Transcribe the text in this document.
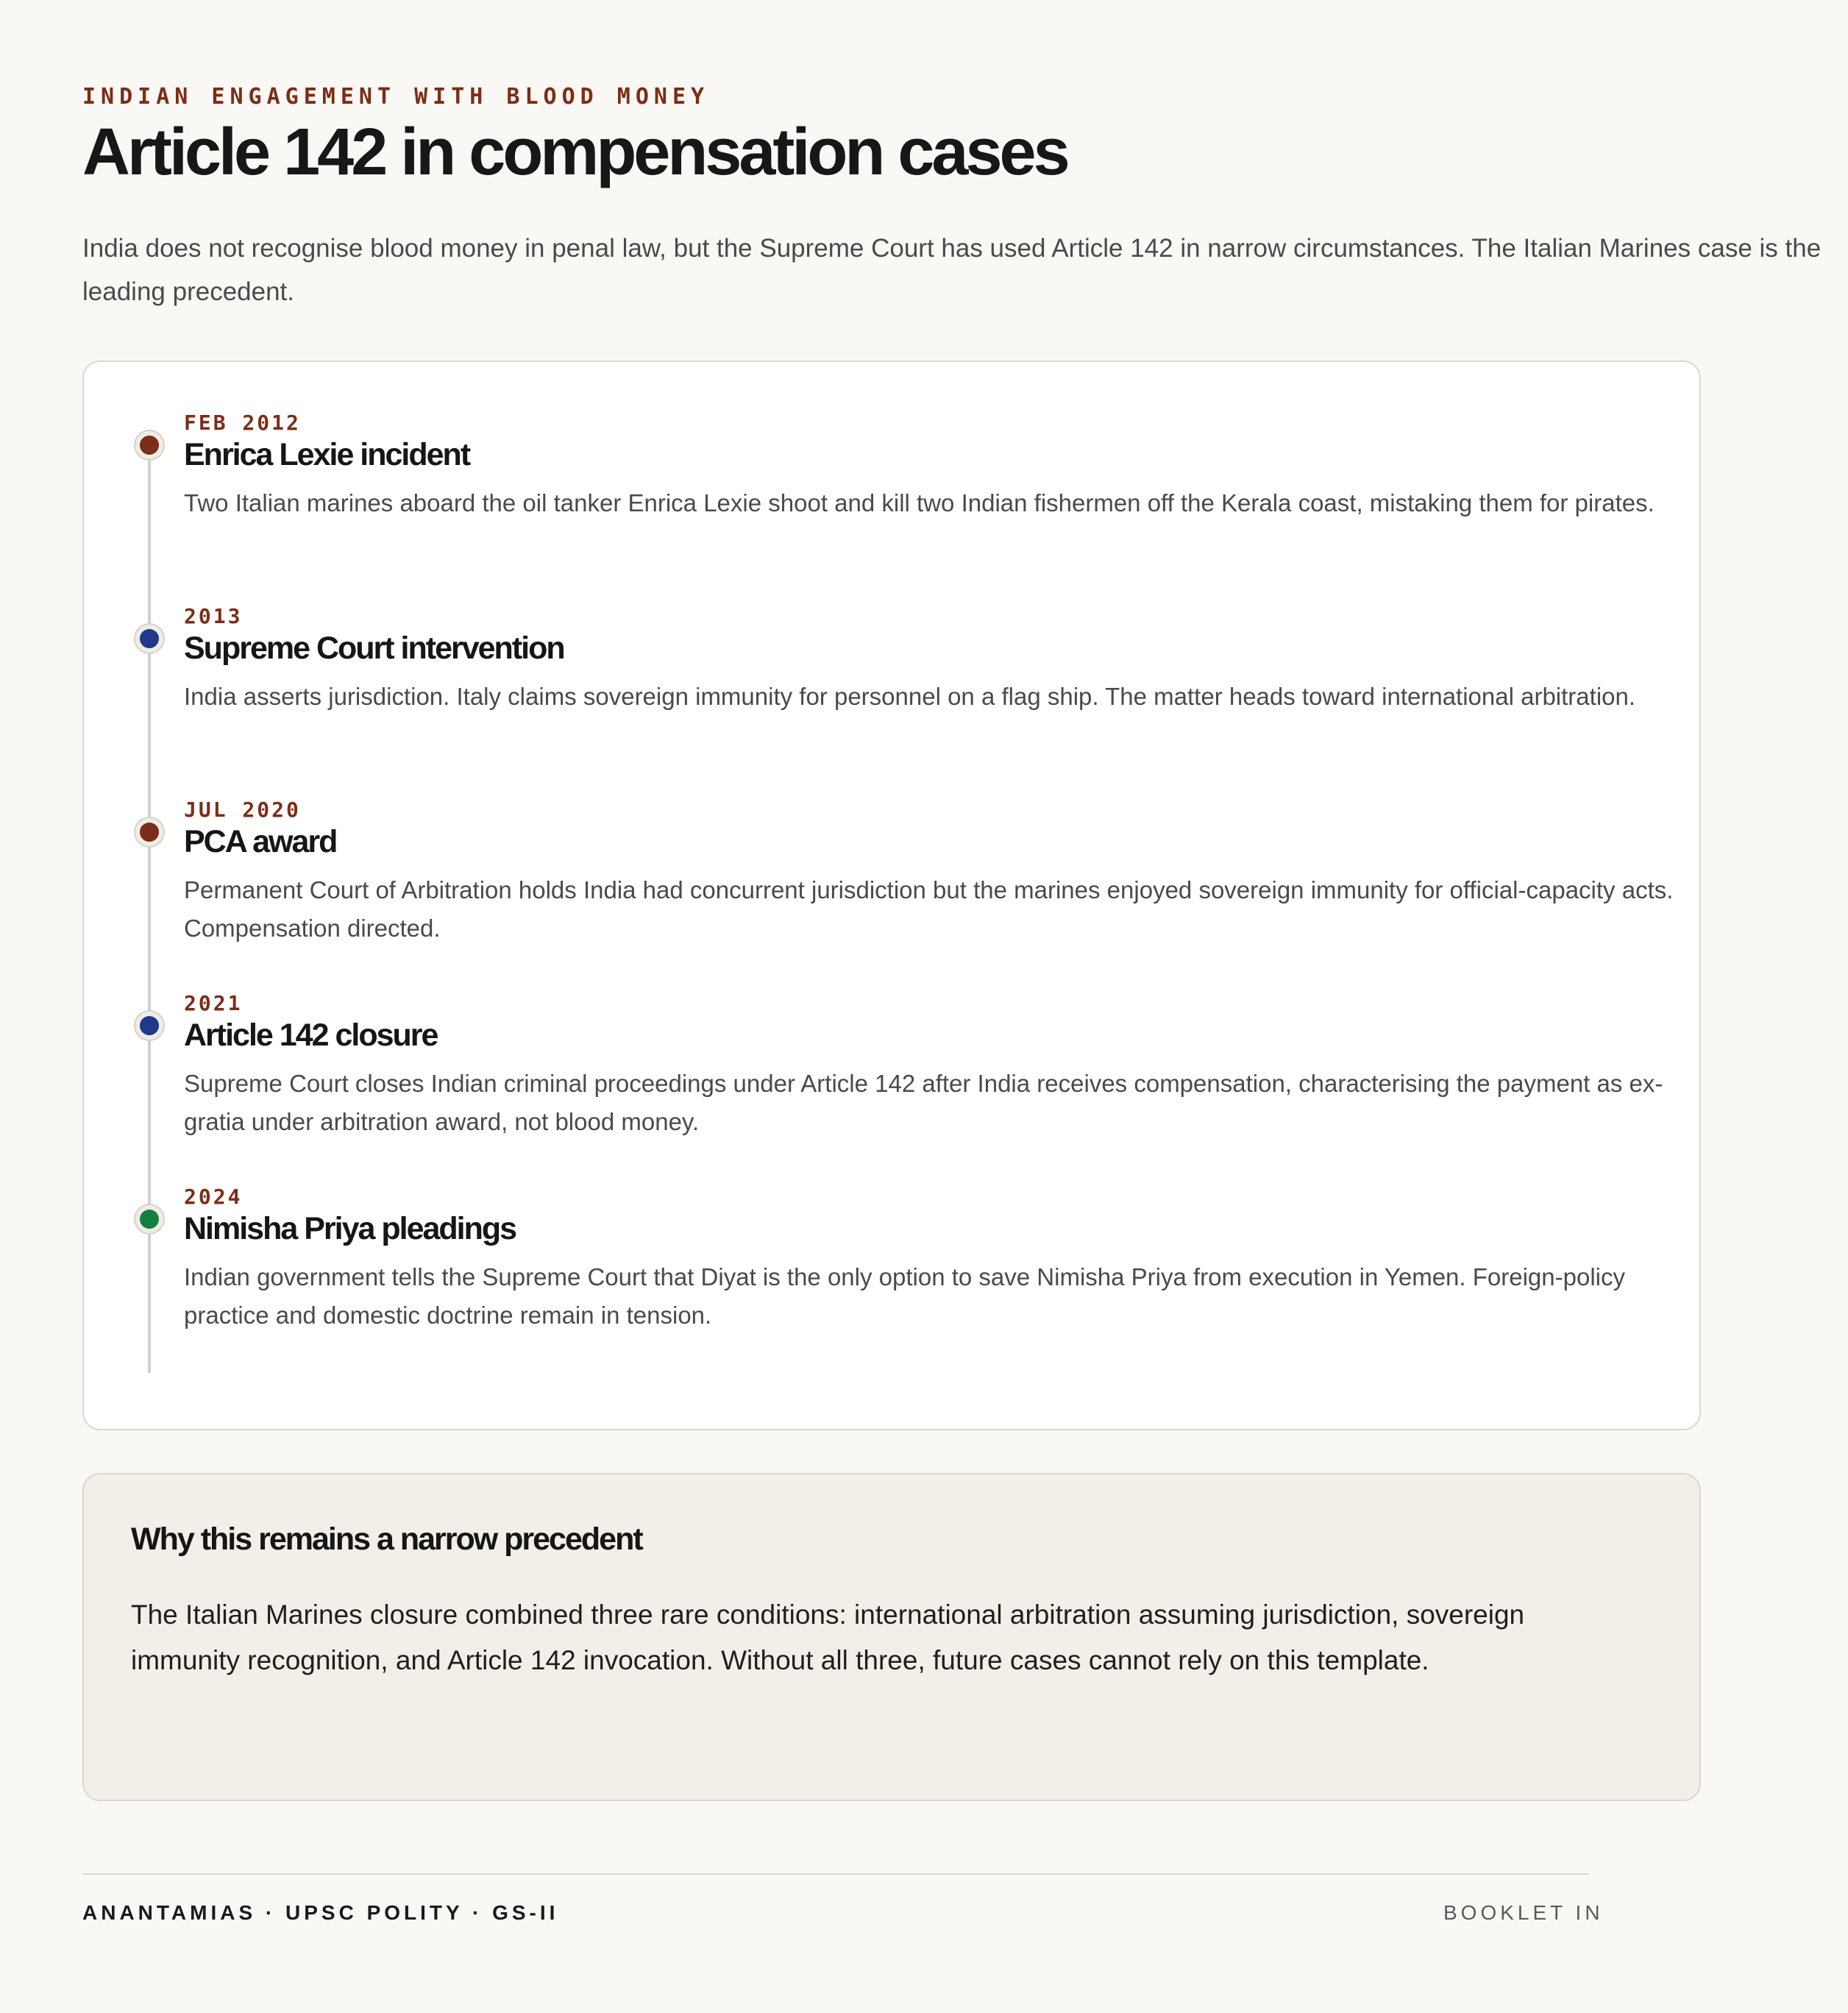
INDIAN ENGAGEMENT WITH BLOOD MONEY
Article 142 in compensation cases

India does not recognise blood money in penal law, but the Supreme Court has used Article 142 in narrow circumstances. The Italian Marines case is the leading precedent.

FEB 2012
Enrica Lexie incident

Two Italian marines aboard the oil tanker Enrica Lexie shoot and kill two Indian fishermen off the Kerala coast, mistaking them for pirates.

2013
Supreme Court intervention

India asserts jurisdiction. Italy claims sovereign immunity for personnel on a flag ship. The matter heads toward international arbitration.

JUL 2020
PCA award

Permanent Court of Arbitration holds India had concurrent jurisdiction but the marines enjoyed sovereign immunity for official-capacity acts. Compensation directed.

2021
Article 142 closure

Supreme Court closes Indian criminal proceedings under Article 142 after India receives compensation, characterising the payment as ex-gratia under arbitration award, not blood money.

2024
Nimisha Priya pleadings

Indian government tells the Supreme Court that Diyat is the only option to save Nimisha Priya from execution in Yemen. Foreign-policy practice and domestic doctrine remain in tension.

Why this remains a narrow precedent

The Italian Marines closure combined three rare conditions: international arbitration assuming jurisdiction, sovereign immunity recognition, and Article 142 invocation. Without all three, future cases cannot rely on this template.

ANANTAMIAS · UPSC POLITY · GS-II	BOOKLET IN
